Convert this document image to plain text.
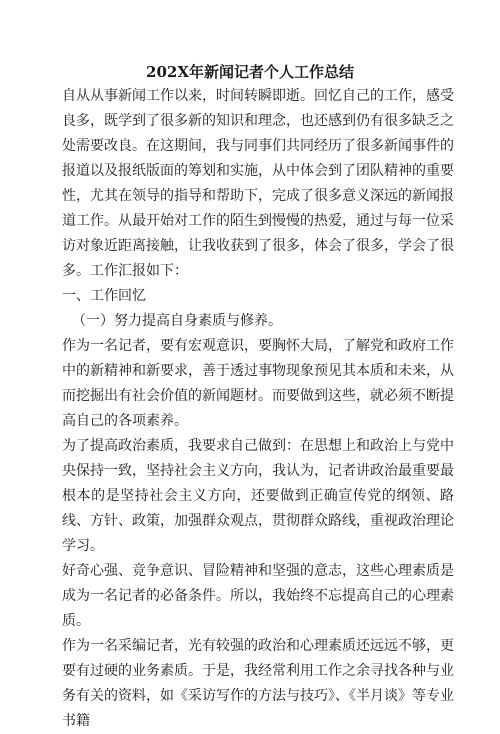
202X年新闻记者个人工作总结

自从从事新闻工作以来，时间转瞬即逝。回忆自己的工作，感受良多，既学到了很多新的知识和理念，也还感到仍有很多缺乏之处需要改良。在这期间，我与同事们共同经历了很多新闻事件的报道以及报纸版面的筹划和实施，从中体会到了团队精神的重要性，尤其在领导的指导和帮助下，完成了很多意义深远的新闻报道工作。从最开始对工作的陌生到慢慢的热爱，通过与每一位采访对象近距离接触，让我收获到了很多，体会了很多，学会了很多。工作汇报如下：

一、工作回忆

（一）努力提高自身素质与修养。

作为一名记者，要有宏观意识，要胸怀大局，了解党和政府工作中的新精神和新要求，善于透过事物现象预见其本质和未来，从而挖掘出有社会价值的新闻题材。而要做到这些，就必须不断提高自己的各项素养。

为了提高政治素质，我要求自己做到：在思想上和政治上与党中央保持一致，坚持社会主义方向，我认为，记者讲政治最重要最根本的是坚持社会主义方向，还要做到正确宣传党的纲领、路线、方针、政策，加强群众观点，贯彻群众路线，重视政治理论学习。

好奇心强、竞争意识、冒险精神和坚强的意志，这些心理素质是成为一名记者的必备条件。所以，我始终不忘提高自己的心理素质。

作为一名采编记者，光有较强的政治和心理素质还远远不够，更要有过硬的业务素质。于是，我经常利用工作之余寻找各种与业务有关的资料，如《采访写作的方法与技巧》、《半月谈》等专业书籍
